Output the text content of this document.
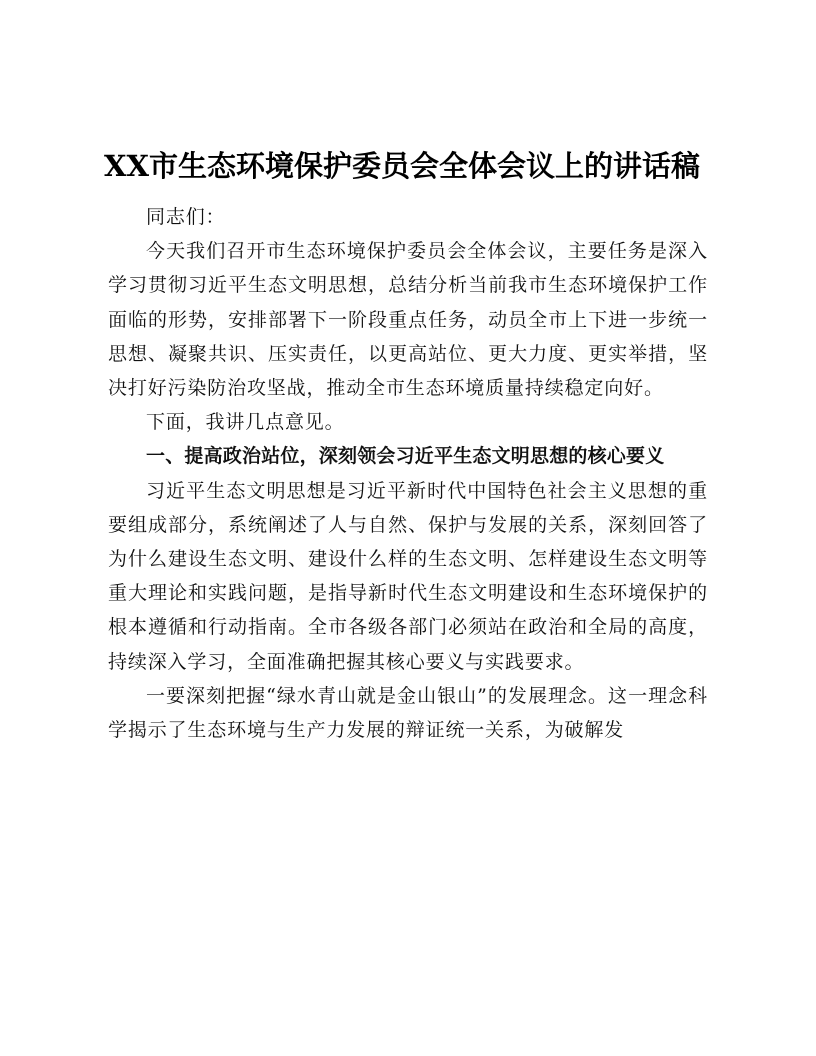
XX市生态环境保护委员会全体会议上的讲话稿

同志们：

今天我们召开市生态环境保护委员会全体会议，主要任务是深入学习贯彻习近平生态文明思想，总结分析当前我市生态环境保护工作面临的形势，安排部署下一阶段重点任务，动员全市上下进一步统一思想、凝聚共识、压实责任，以更高站位、更大力度、更实举措，坚决打好污染防治攻坚战，推动全市生态环境质量持续稳定向好。

下面，我讲几点意见。

一、提高政治站位，深刻领会习近平生态文明思想的核心要义

习近平生态文明思想是习近平新时代中国特色社会主义思想的重要组成部分，系统阐述了人与自然、保护与发展的关系，深刻回答了为什么建设生态文明、建设什么样的生态文明、怎样建设生态文明等重大理论和实践问题，是指导新时代生态文明建设和生态环境保护的根本遵循和行动指南。全市各级各部门必须站在政治和全局的高度，持续深入学习，全面准确把握其核心要义与实践要求。

一要深刻把握“绿水青山就是金山银山”的发展理念。这一理念科学揭示了生态环境与生产力发展的辩证统一关系，为破解发
